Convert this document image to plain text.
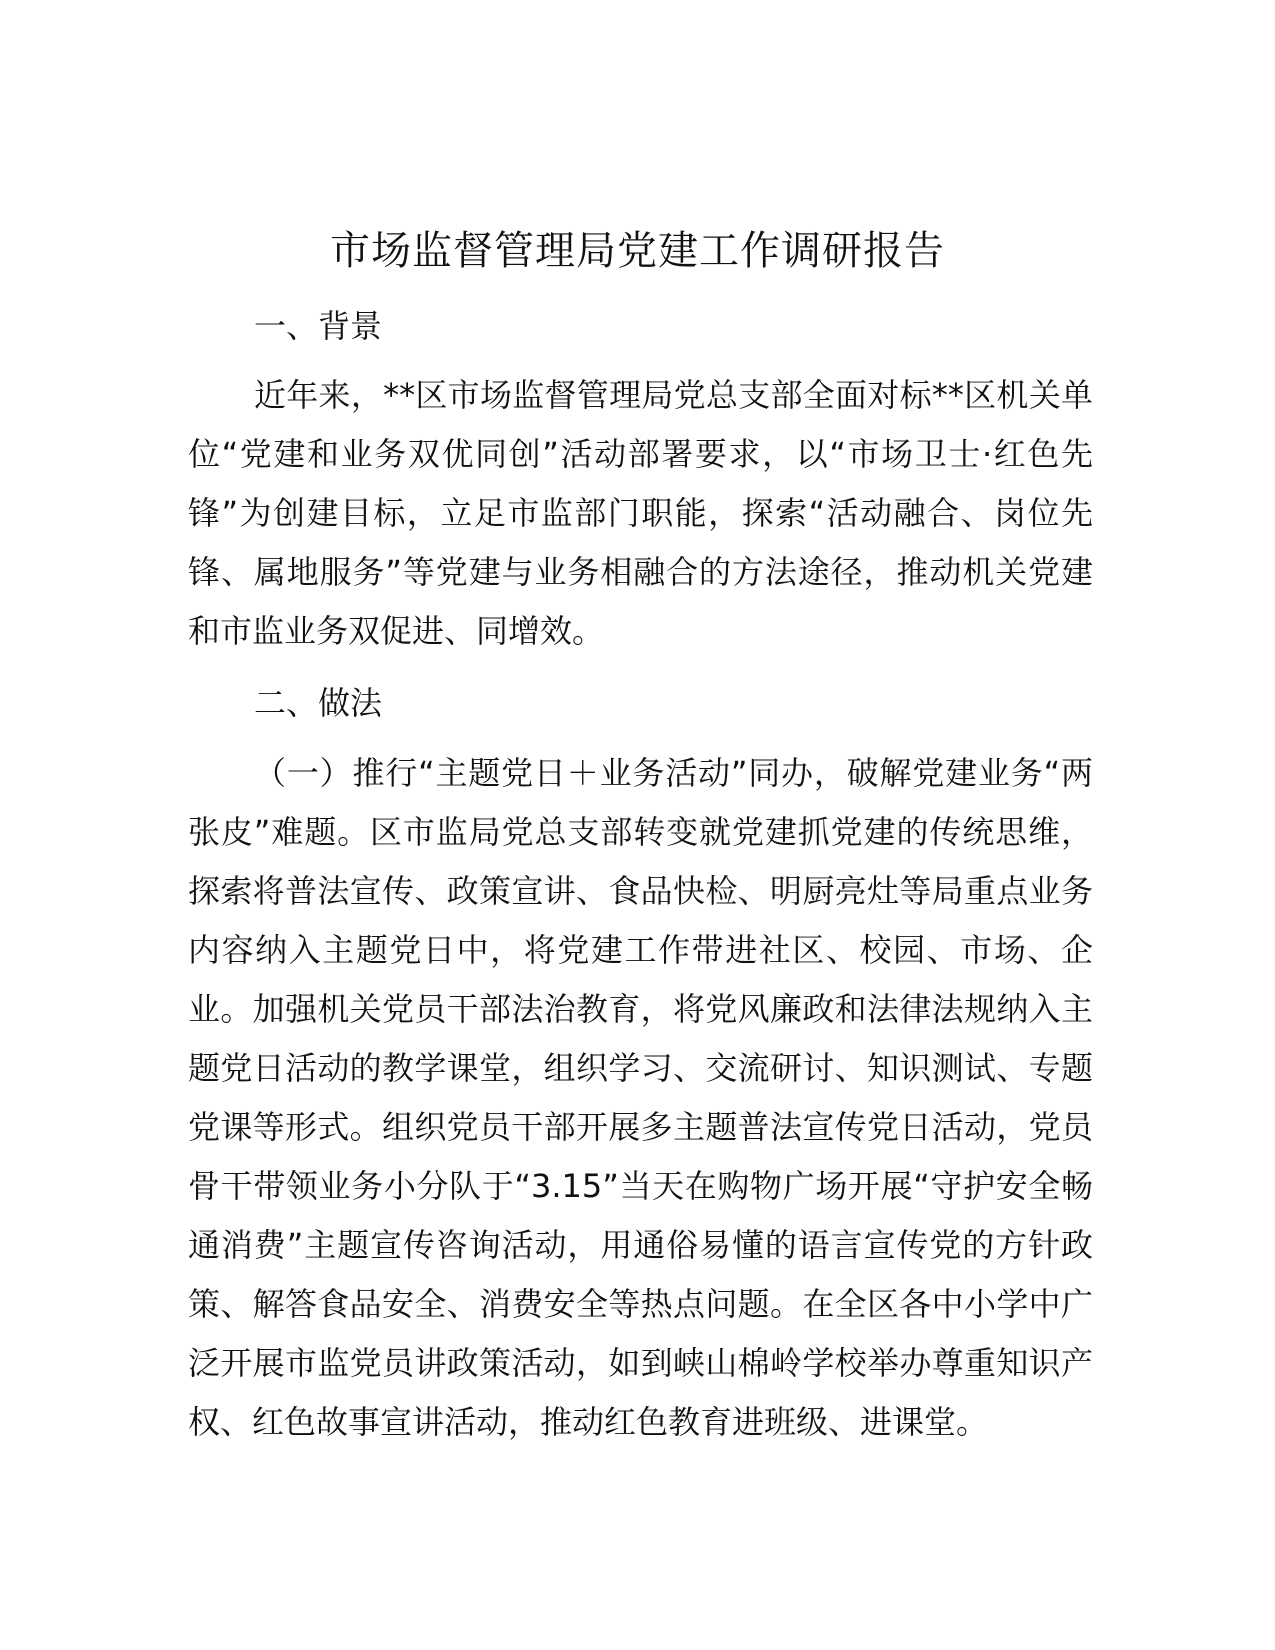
市场监督管理局党建工作调研报告
一、背景

近年来，**区市场监督管理局党总支部全面对标**区机关单位“党建和业务双优同创”活动部署要求，以“市场卫士·红色先锋”为创建目标，立足市监部门职能，探索“活动融合、岗位先锋、属地服务”等党建与业务相融合的方法途径，推动机关党建和市监业务双促进、同增效。

二、做法

（一）推行“主题党日＋业务活动”同办，破解党建业务“两张皮”难题。区市监局党总支部转变就党建抓党建的传统思维，探索将普法宣传、政策宣讲、食品快检、明厨亮灶等局重点业务内容纳入主题党日中，将党建工作带进社区、校园、市场、企业。加强机关党员干部法治教育，将党风廉政和法律法规纳入主题党日活动的教学课堂，组织学习、交流研讨、知识测试、专题党课等形式。组织党员干部开展多主题普法宣传党日活动，党员骨干带领业务小分队于“3.15”当天在购物广场开展“守护安全畅通消费”主题宣传咨询活动，用通俗易懂的语言宣传党的方针政策、解答食品安全、消费安全等热点问题。在全区各中小学中广泛开展市监党员讲政策活动，如到峡山棉岭学校举办尊重知识产权、红色故事宣讲活动，推动红色教育进班级、进课堂。
